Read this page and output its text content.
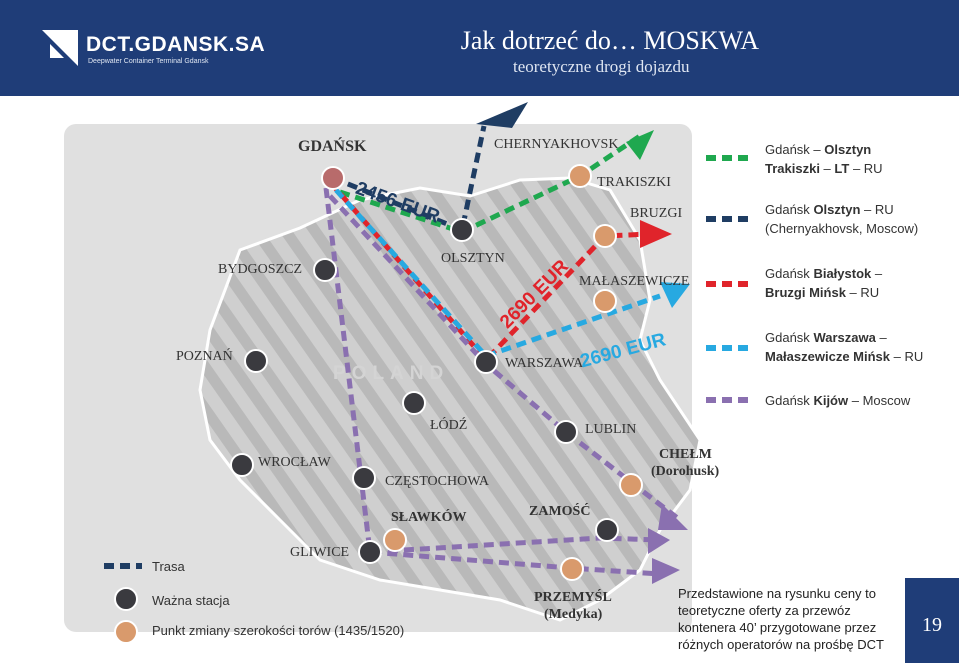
DCT.GDANSK.SA
Deepwater Container Terminal Gdansk
Jak dotrzeć do… MOSKWA
teoretyczne drogi dojazdu
POLAND
GDAŃSK	CHERNYAKHOVSK
TRAKISZKI
BRUZGI
BYDGOSZCZ
OLSZTYN
MAŁASZEWICZE
POZNAŃ	WARSZAWA
ŁÓDŹ	LUBLIN
WROCŁAW
CZĘSTOCHOWA
CHEŁM
(Dorohusk)
SŁAWKÓW	ZAMOŚĆ
GLIWICE
PRZEMYŚL
(Medyka)
2456 EUR
2690 EUR
2690 EUR
Gdańsk – Olsztyn
Trakiszki – LT – RU
Gdańsk Olsztyn – RU
(Chernyakhovsk, Moscow)
Gdańsk Białystok –
Bruzgi Mińsk – RU
Gdańsk Warszawa –
Małaszewicze Mińsk – RU
Gdańsk Kijów – Moscow
Trasa
Ważna stacja
Punkt zmiany szerokości torów (1435/1520)
Przedstawione na rysunku ceny to teoretyczne oferty za przewóz kontenera 40’ przygotowane przez różnych operatorów na prośbę DCT
19
